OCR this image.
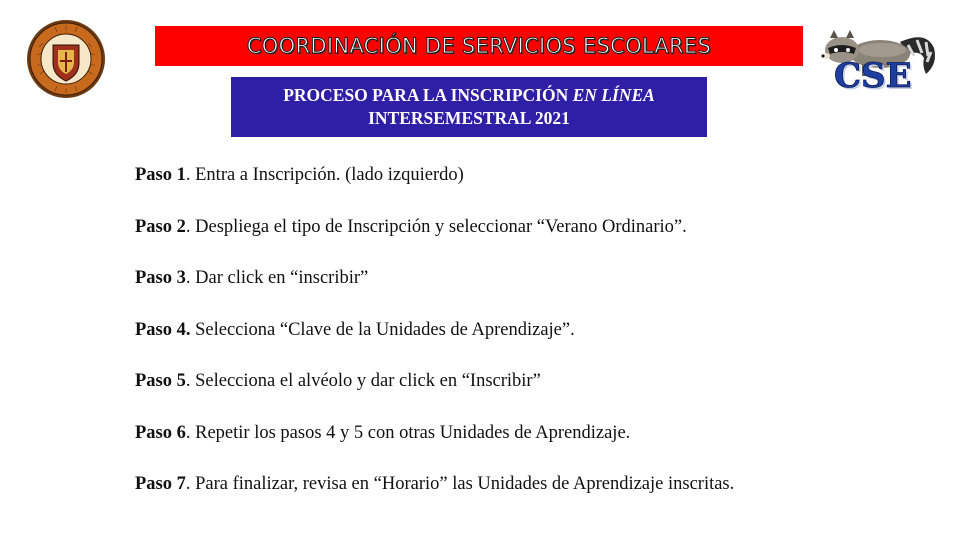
COORDINACIÓN DE SERVICIOS ESCOLARES
CSE
PROCESO PARA LA INSCRIPCIÓN EN LÍNEA
INTERSEMESTRAL 2021
Paso 1. Entra a Inscripción. (lado izquierdo)
Paso 2. Despliega el tipo de Inscripción y seleccionar “Verano Ordinario”.
Paso 3. Dar click en “inscribir”
Paso 4. Selecciona “Clave de la Unidades de Aprendizaje”.
Paso 5. Selecciona el alvéolo y dar click en “Inscribir”
Paso 6. Repetir los pasos 4 y 5 con otras Unidades de Aprendizaje.
Paso 7. Para finalizar, revisa en “Horario” las Unidades de Aprendizaje inscritas.
